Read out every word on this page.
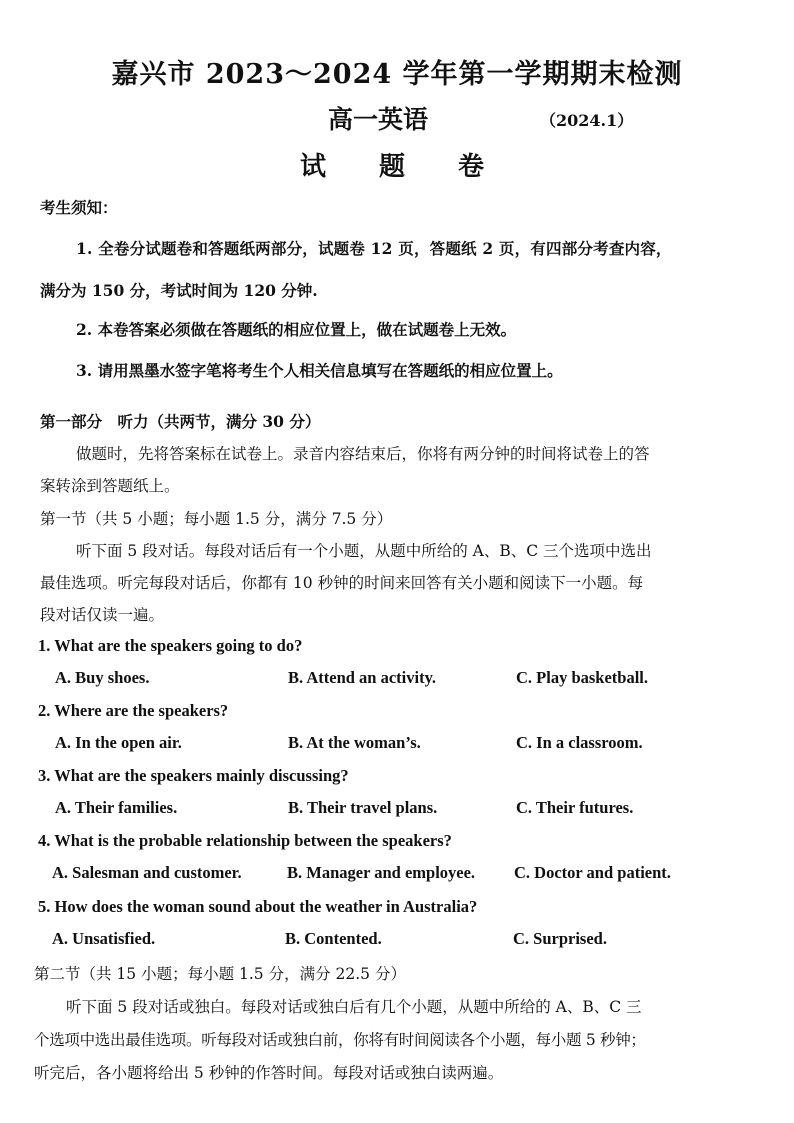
嘉兴市 2023～2024 学年第一学期期末检测
高一英语	（2024.1）
试 题 卷
考生须知：
1. 全卷分试题卷和答题纸两部分，试题卷 12 页，答题纸 2 页，有四部分考查内容，
满分为 150 分，考试时间为 120 分钟.
2. 本卷答案必须做在答题纸的相应位置上，做在试题卷上无效。
3. 请用黑墨水签字笔将考生个人相关信息填写在答题纸的相应位置上。
第一部分　听力（共两节，满分 30 分）
做题时，先将答案标在试卷上。录音内容结束后，你将有两分钟的时间将试卷上的答
案转涂到答题纸上。
第一节（共 5 小题；每小题 1.5 分，满分 7.5 分）
听下面 5 段对话。每段对话后有一个小题，从题中所给的 A、B、C 三个选项中选出
最佳选项。听完每段对话后，你都有 10 秒钟的时间来回答有关小题和阅读下一小题。每
段对话仅读一遍。
1. What are the speakers going to do?
A. Buy shoes.	B. Attend an activity.	C. Play basketball.
2. Where are the speakers?
A. In the open air.	B. At the woman’s.	C. In a classroom.
3. What are the speakers mainly discussing?
A. Their families.	B. Their travel plans.	C. Their futures.
4. What is the probable relationship between the speakers?
A. Salesman and customer.	B. Manager and employee. C. Doctor and patient.
5. How does the woman sound about the weather in Australia?
A. Unsatisfied.	B. Contented.	C. Surprised.
第二节（共 15 小题；每小题 1.5 分，满分 22.5 分）
听下面 5 段对话或独白。每段对话或独白后有几个小题，从题中所给的 A、B、C 三
个选项中选出最佳选项。听每段对话或独白前，你将有时间阅读各个小题，每小题 5 秒钟；
听完后，各小题将给出 5 秒钟的作答时间。每段对话或独白读两遍。
